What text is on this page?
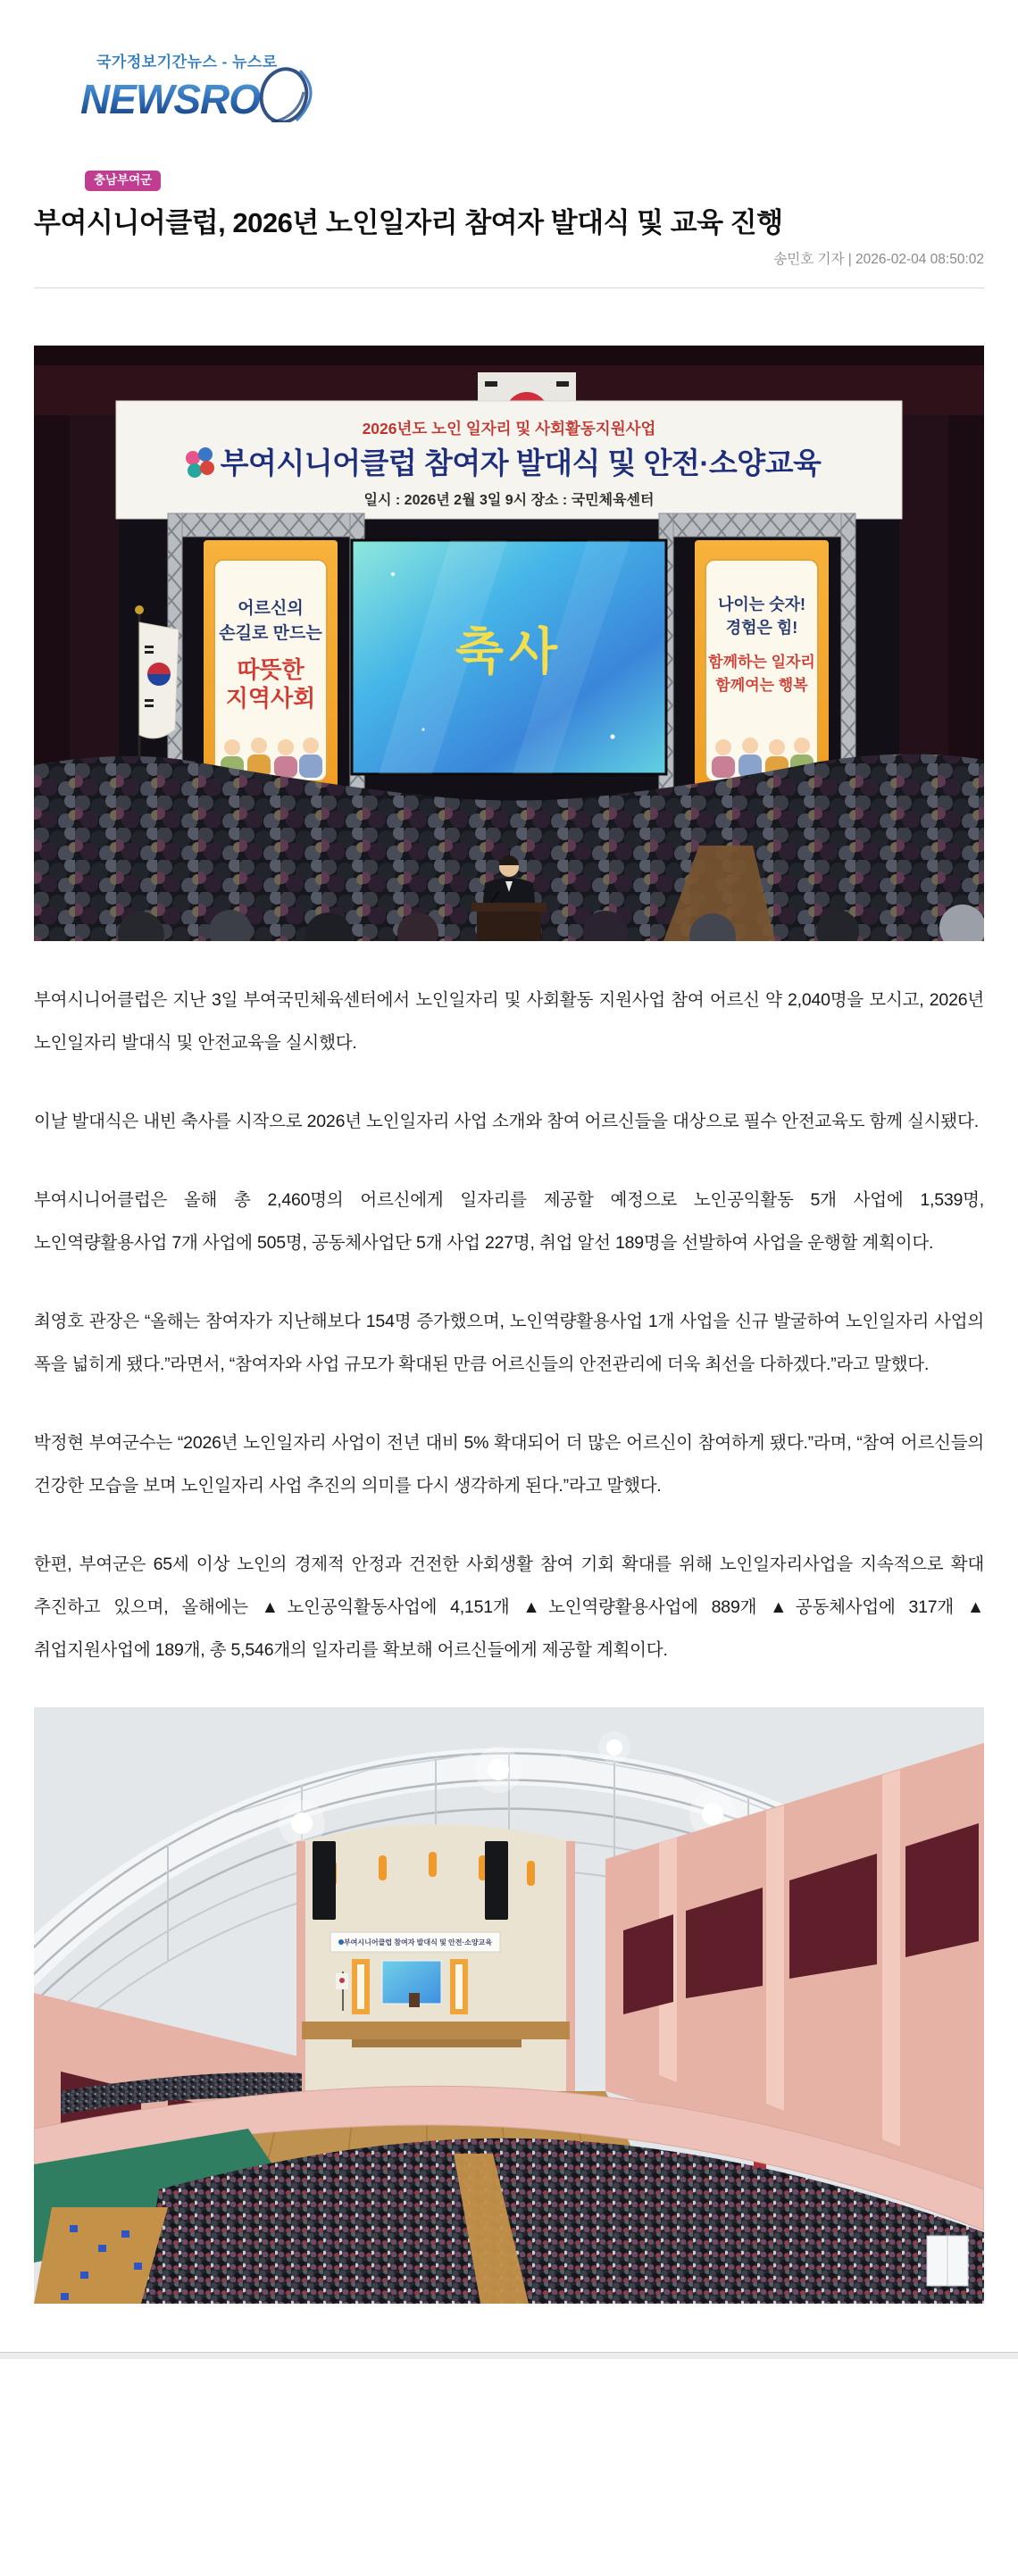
국가정보기간뉴스 - 뉴스로
NEWSRO
충남부여군
부여시니어클럽, 2026년 노인일자리 참여자 발대식 및 교육 진행
송민호 기자 | 2026-02-04 08:50:02
2026년도 노인 일자리 및 사회활동지원사업
부여시니어클럽 참여자 발대식 및 안전·소양교육
일시 : 2026년 2월 3일 9시 장소 : 국민체육센터
어르신의
손길로 만드는
따뜻한
지역사회
나이는 숫자!
경험은 힘!
함께하는 일자리
함께여는 행복
축사

부여시니어클럽은 지난 3일 부여국민체육센터에서 노인일자리 및 사회활동 지원사업 참여 어르신 약 2,040명을 모시고, 2026년 노인일자리 발대식 및 안전교육을 실시했다.

이날 발대식은 내빈 축사를 시작으로 2026년 노인일자리 사업 소개와 참여 어르신들을 대상으로 필수 안전교육도 함께 실시됐다.

부여시니어클럽은 올해 총 2,460명의 어르신에게 일자리를 제공할 예정으로 노인공익활동 5개 사업에 1,539명, 노인역량활용사업 7개 사업에 505명, 공동체사업단 5개 사업 227명, 취업 알선 189명을 선발하여 사업을 운행할 계획이다.

최영호 관장은 “올해는 참여자가 지난해보다 154명 증가했으며, 노인역량활용사업 1개 사업을 신규 발굴하여 노인일자리 사업의 폭을 넓히게 됐다.”라면서, “참여자와 사업 규모가 확대된 만큼 어르신들의 안전관리에 더욱 최선을 다하겠다.”라고 말했다.

박정현 부여군수는 “2026년 노인일자리 사업이 전년 대비 5% 확대되어 더 많은 어르신이 참여하게 됐다.”라며, “참여 어르신들의 건강한 모습을 보며 노인일자리 사업 추진의 의미를 다시 생각하게 된다.”라고 말했다.

한편, 부여군은 65세 이상 노인의 경제적 안정과 건전한 사회생활 참여 기회 확대를 위해 노인일자리사업을 지속적으로 확대 추진하고 있으며, 올해에는 ▲노인공익활동사업에 4,151개 ▲노인역량활용사업에 889개 ▲공동체사업에 317개 ▲취업지원사업에 189개, 총 5,546개의 일자리를 확보해 어르신들에게 제공할 계획이다.

부여시니어클럽 참여자 발대식 및 안전·소양교육
